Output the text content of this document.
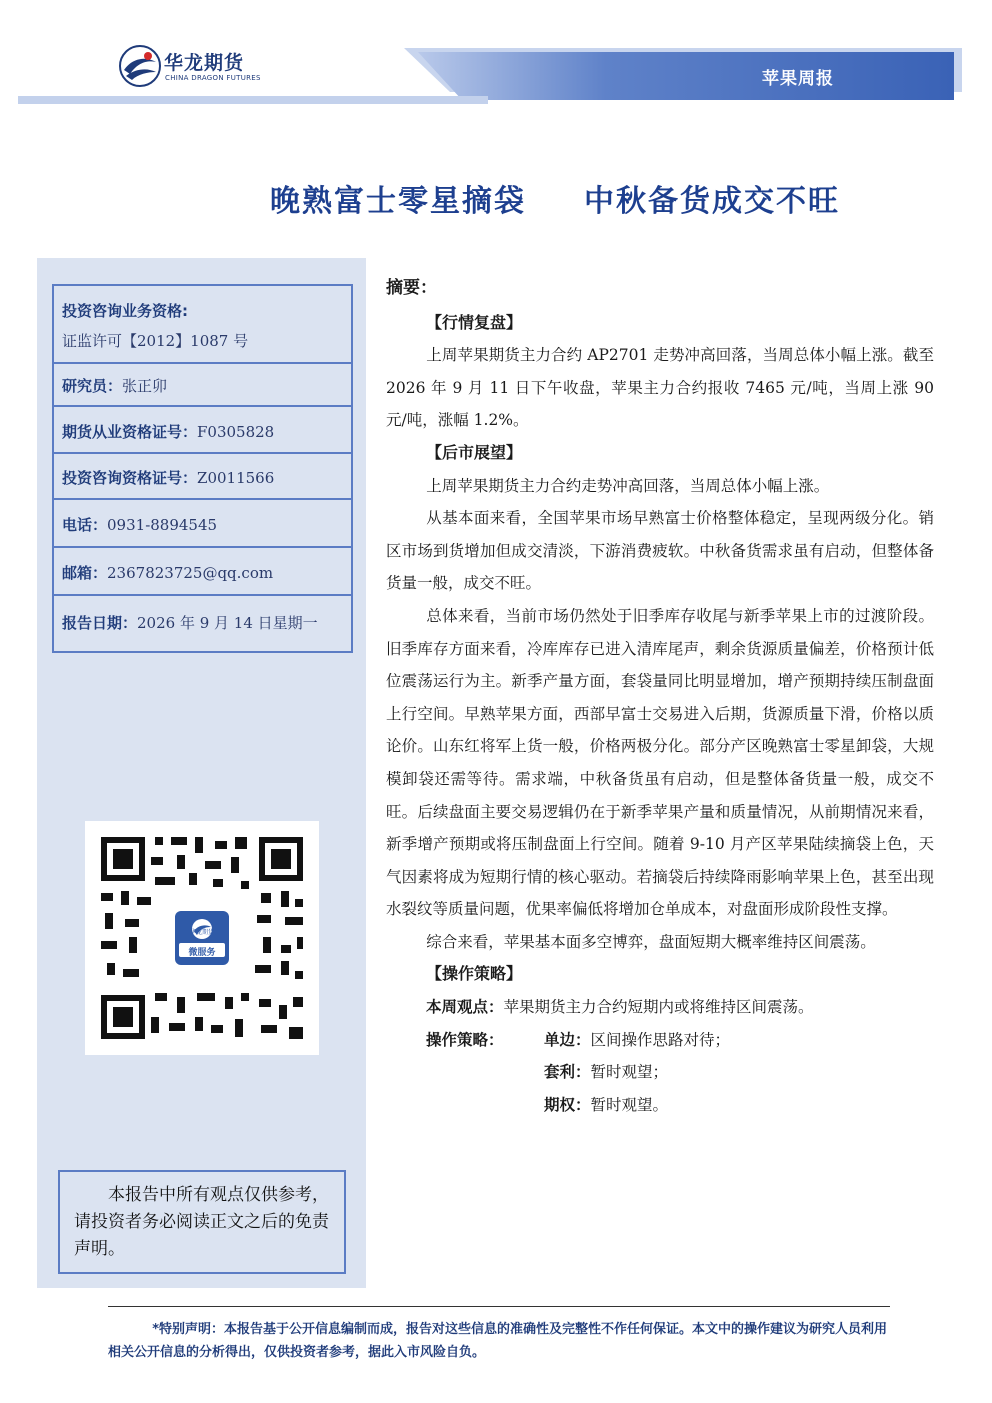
华龙期货
CHINA DRAGON FUTURES	苹果周报
晚熟富士零星摘袋 中秋备货成交不旺
投资咨询业务资格:
证监许可【2012】1087 号
研究员：张正卯
期货从业资格证号：F0305828
投资咨询资格证号：Z0011566
电话：0931-8894545
邮箱：2367823725@qq.com
报告日期：2026 年 9 月 14 日星期一
华龙期货
微服务
本报告中所有观点仅供参考，请投资者务必阅读正文之后的免责声明。
摘要：
【行情复盘】

上周苹果期货主力合约 AP2701 走势冲高回落，当周总体小幅上涨。截至 2026 年 9 月 11 日下午收盘，苹果主力合约报收 7465 元/吨，当周上涨 90 元/吨，涨幅 1.2%。

【后市展望】

上周苹果期货主力合约走势冲高回落，当周总体小幅上涨。

从基本面来看，全国苹果市场早熟富士价格整体稳定，呈现两级分化。销区市场到货增加但成交清淡，下游消费疲软。中秋备货需求虽有启动，但整体备货量一般，成交不旺。

总体来看，当前市场仍然处于旧季库存收尾与新季苹果上市的过渡阶段。旧季库存方面来看，冷库库存已进入清库尾声，剩余货源质量偏差，价格预计低位震荡运行为主。新季产量方面，套袋量同比明显增加，增产预期持续压制盘面上行空间。早熟苹果方面，西部早富士交易进入后期，货源质量下滑，价格以质论价。山东红将军上货一般，价格两极分化。部分产区晚熟富士零星卸袋，大规模卸袋还需等待。需求端，中秋备货虽有启动，但是整体备货量一般，成交不旺。后续盘面主要交易逻辑仍在于新季苹果产量和质量情况，从前期情况来看，新季增产预期或将压制盘面上行空间。随着 9-10 月产区苹果陆续摘袋上色，天气因素将成为短期行情的核心驱动。若摘袋后持续降雨影响苹果上色，甚至出现水裂纹等质量问题，优果率偏低将增加仓单成本，对盘面形成阶段性支撑。

综合来看，苹果基本面多空博弈，盘面短期大概率维持区间震荡。

【操作策略】
本周观点：苹果期货主力合约短期内或将维持区间震荡。
操作策略：	单边：区间操作思路对待；
套利：暂时观望；
期权：暂时观望。
*特别声明：本报告基于公开信息编制而成，报告对这些信息的准确性及完整性不作任何保证。本文中的操作建议为研究人员利用相关公开信息的分析得出，仅供投资者参考，据此入市风险自负。
